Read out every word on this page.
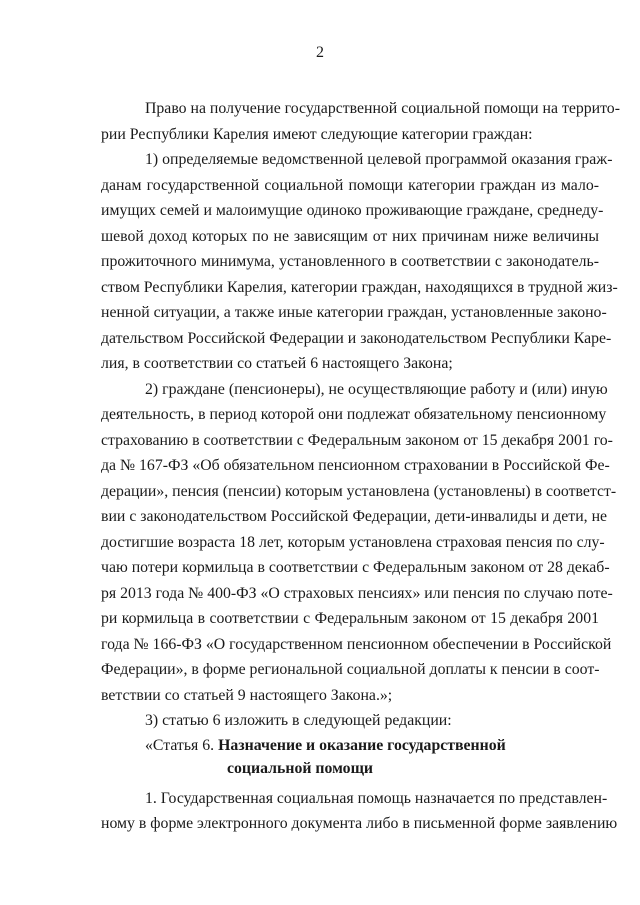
2
Право на получение государственной социальной помощи на террито-
рии Республики Карелия имеют следующие категории граждан:
1) определяемые ведомственной целевой программой оказания граж-
данам государственной социальной помощи категории граждан из мало-
имущих семей и малоимущие одиноко проживающие граждане, среднеду-
шевой доход которых по не зависящим от них причинам ниже величины
прожиточного минимума, установленного в соответствии с законодатель-
ством Республики Карелия, категории граждан, находящихся в трудной жиз-
ненной ситуации, а также иные категории граждан, установленные законо-
дательством Российской Федерации и законодательством Республики Каре-
лия, в соответствии со статьей 6 настоящего Закона;
2) граждане (пенсионеры), не осуществляющие работу и (или) иную
деятельность, в период которой они подлежат обязательному пенсионному
страхованию в соответствии с Федеральным законом от 15 декабря 2001 го-
да № 167-ФЗ «Об обязательном пенсионном страховании в Российской Фе-
дерации», пенсия (пенсии) которым установлена (установлены) в соответст-
вии с законодательством Российской Федерации, дети-инвалиды и дети, не
достигшие возраста 18 лет, которым установлена страховая пенсия по слу-
чаю потери кормильца в соответствии с Федеральным законом от 28 декаб-
ря 2013 года № 400-ФЗ «О страховых пенсиях» или пенсия по случаю поте-
ри кормильца в соответствии с Федеральным законом от 15 декабря 2001
года № 166-ФЗ «О государственном пенсионном обеспечении в Российской
Федерации», в форме региональной социальной доплаты к пенсии в соот-
ветствии со статьей 9 настоящего Закона.»;
3) статью 6 изложить в следующей редакции:
«Статья 6. Назначение и оказание государственной
социальной помощи
1. Государственная социальная помощь назначается по представлен-
ному в форме электронного документа либо в письменной форме заявлению
